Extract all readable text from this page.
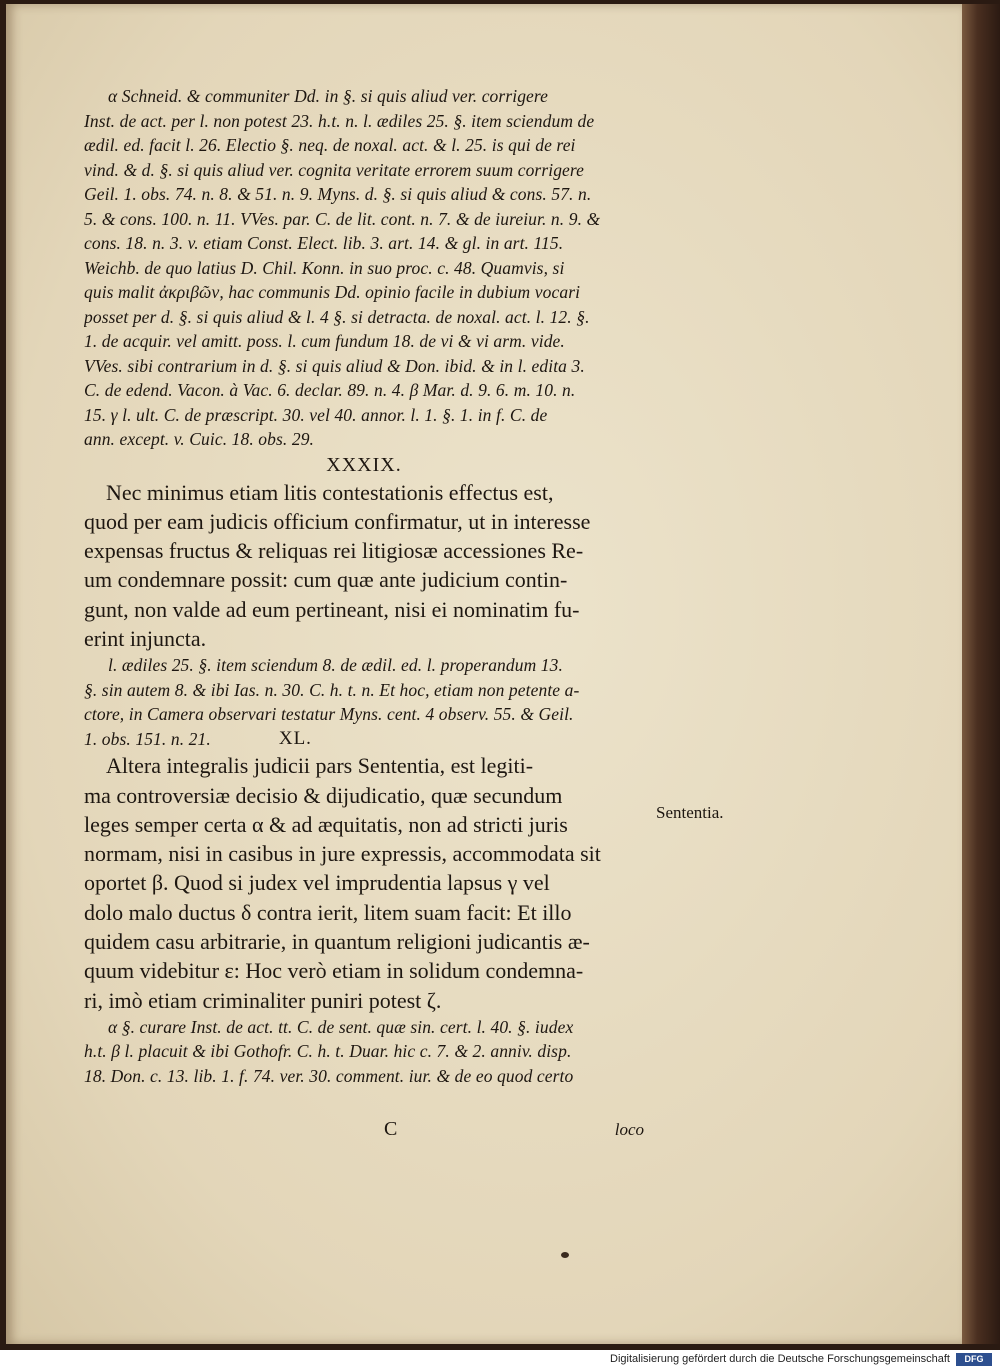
α Schneid. & communiter Dd. in §. si quis aliud ver. corrigere
Inst. de act. per l. non potest 23. h.t. n. l. ædiles 25. §. item sciendum de
ædil. ed. facit l. 26. Electio §. neq. de noxal. act. & l. 25. is qui de rei
vind. & d. §. si quis aliud ver. cognita veritate errorem suum corrigere
Geil. 1. obs. 74. n. 8. & 51. n. 9. Myns. d. §. si quis aliud & cons. 57. n.
5. & cons. 100. n. 11. VVes. par. C. de lit. cont. n. 7. & de iureiur. n. 9. &
cons. 18. n. 3. v. etiam Const. Elect. lib. 3. art. 14. & gl. in art. 115.
Weichb. de quo latius D. Chil. Konn. in suo proc. c. 48. Quamvis, si
quis malit ἀκριβῶν, hac communis Dd. opinio facile in dubium vocari
posset per d. §. si quis aliud & l. 4 §. si detracta. de noxal. act. l. 12. §.
1. de acquir. vel amitt. poss. l. cum fundum 18. de vi & vi arm. vide.
VVes. sibi contrarium in d. §. si quis aliud & Don. ibid. & in l. edita 3.
C. de edend. Vacon. à Vac. 6. declar. 89. n. 4. β Mar. d. 9. 6. m. 10. n.
15. γ l. ult. C. de præscript. 30. vel 40. annor. l. 1. §. 1. in f. C. de
ann. except. v. Cuic. 18. obs. 29.
XXXIX.
Nec minimus etiam litis contestationis effectus est,
quod per eam judicis officium confirmatur, ut in interesse
expensas fructus & reliquas rei litigiosæ accessiones Re-
um condemnare possit: cum quæ ante judicium contin-
gunt, non valde ad eum pertineant, nisi ei nominatim fu-
erint injuncta.
l. ædiles 25. §. item sciendum 8. de ædil. ed. l. properandum 13.
§. sin autem 8. & ibi Ias. n. 30. C. h. t. n. Et hoc, etiam non petente a-
ctore, in Camera observari testatur Myns. cent. 4 observ. 55. & Geil.
1. obs. 151. n. 21.	XL.
Altera integralis judicii pars Sententia, est legiti-
ma controversiæ decisio & dijudicatio, quæ secundum
leges semper certa α & ad æquitatis, non ad stricti juris
normam, nisi in casibus in jure expressis, accommodata sit
oportet β. Quod si judex vel imprudentia lapsus γ vel
dolo malo ductus δ contra ierit, litem suam facit: Et illo
quidem casu arbitrarie, in quantum religioni judicantis æ-
quum videbitur ε: Hoc verò etiam in solidum condemna-
ri, imò etiam criminaliter puniri potest ζ.
α §. curare Inst. de act. tt. C. de sent. quæ sin. cert. l. 40. §. iudex
h.t. β l. placuit & ibi Gothofr. C. h. t. Duar. hic c. 7. & 2. anniv. disp.
18. Don. c. 13. lib. 1. f. 74. ver. 30. comment. iur. & de eo quod certo
Sententia.
C	loco
Digitalisierung gefördert durch die Deutsche Forschungsgemeinschaft	DFG
